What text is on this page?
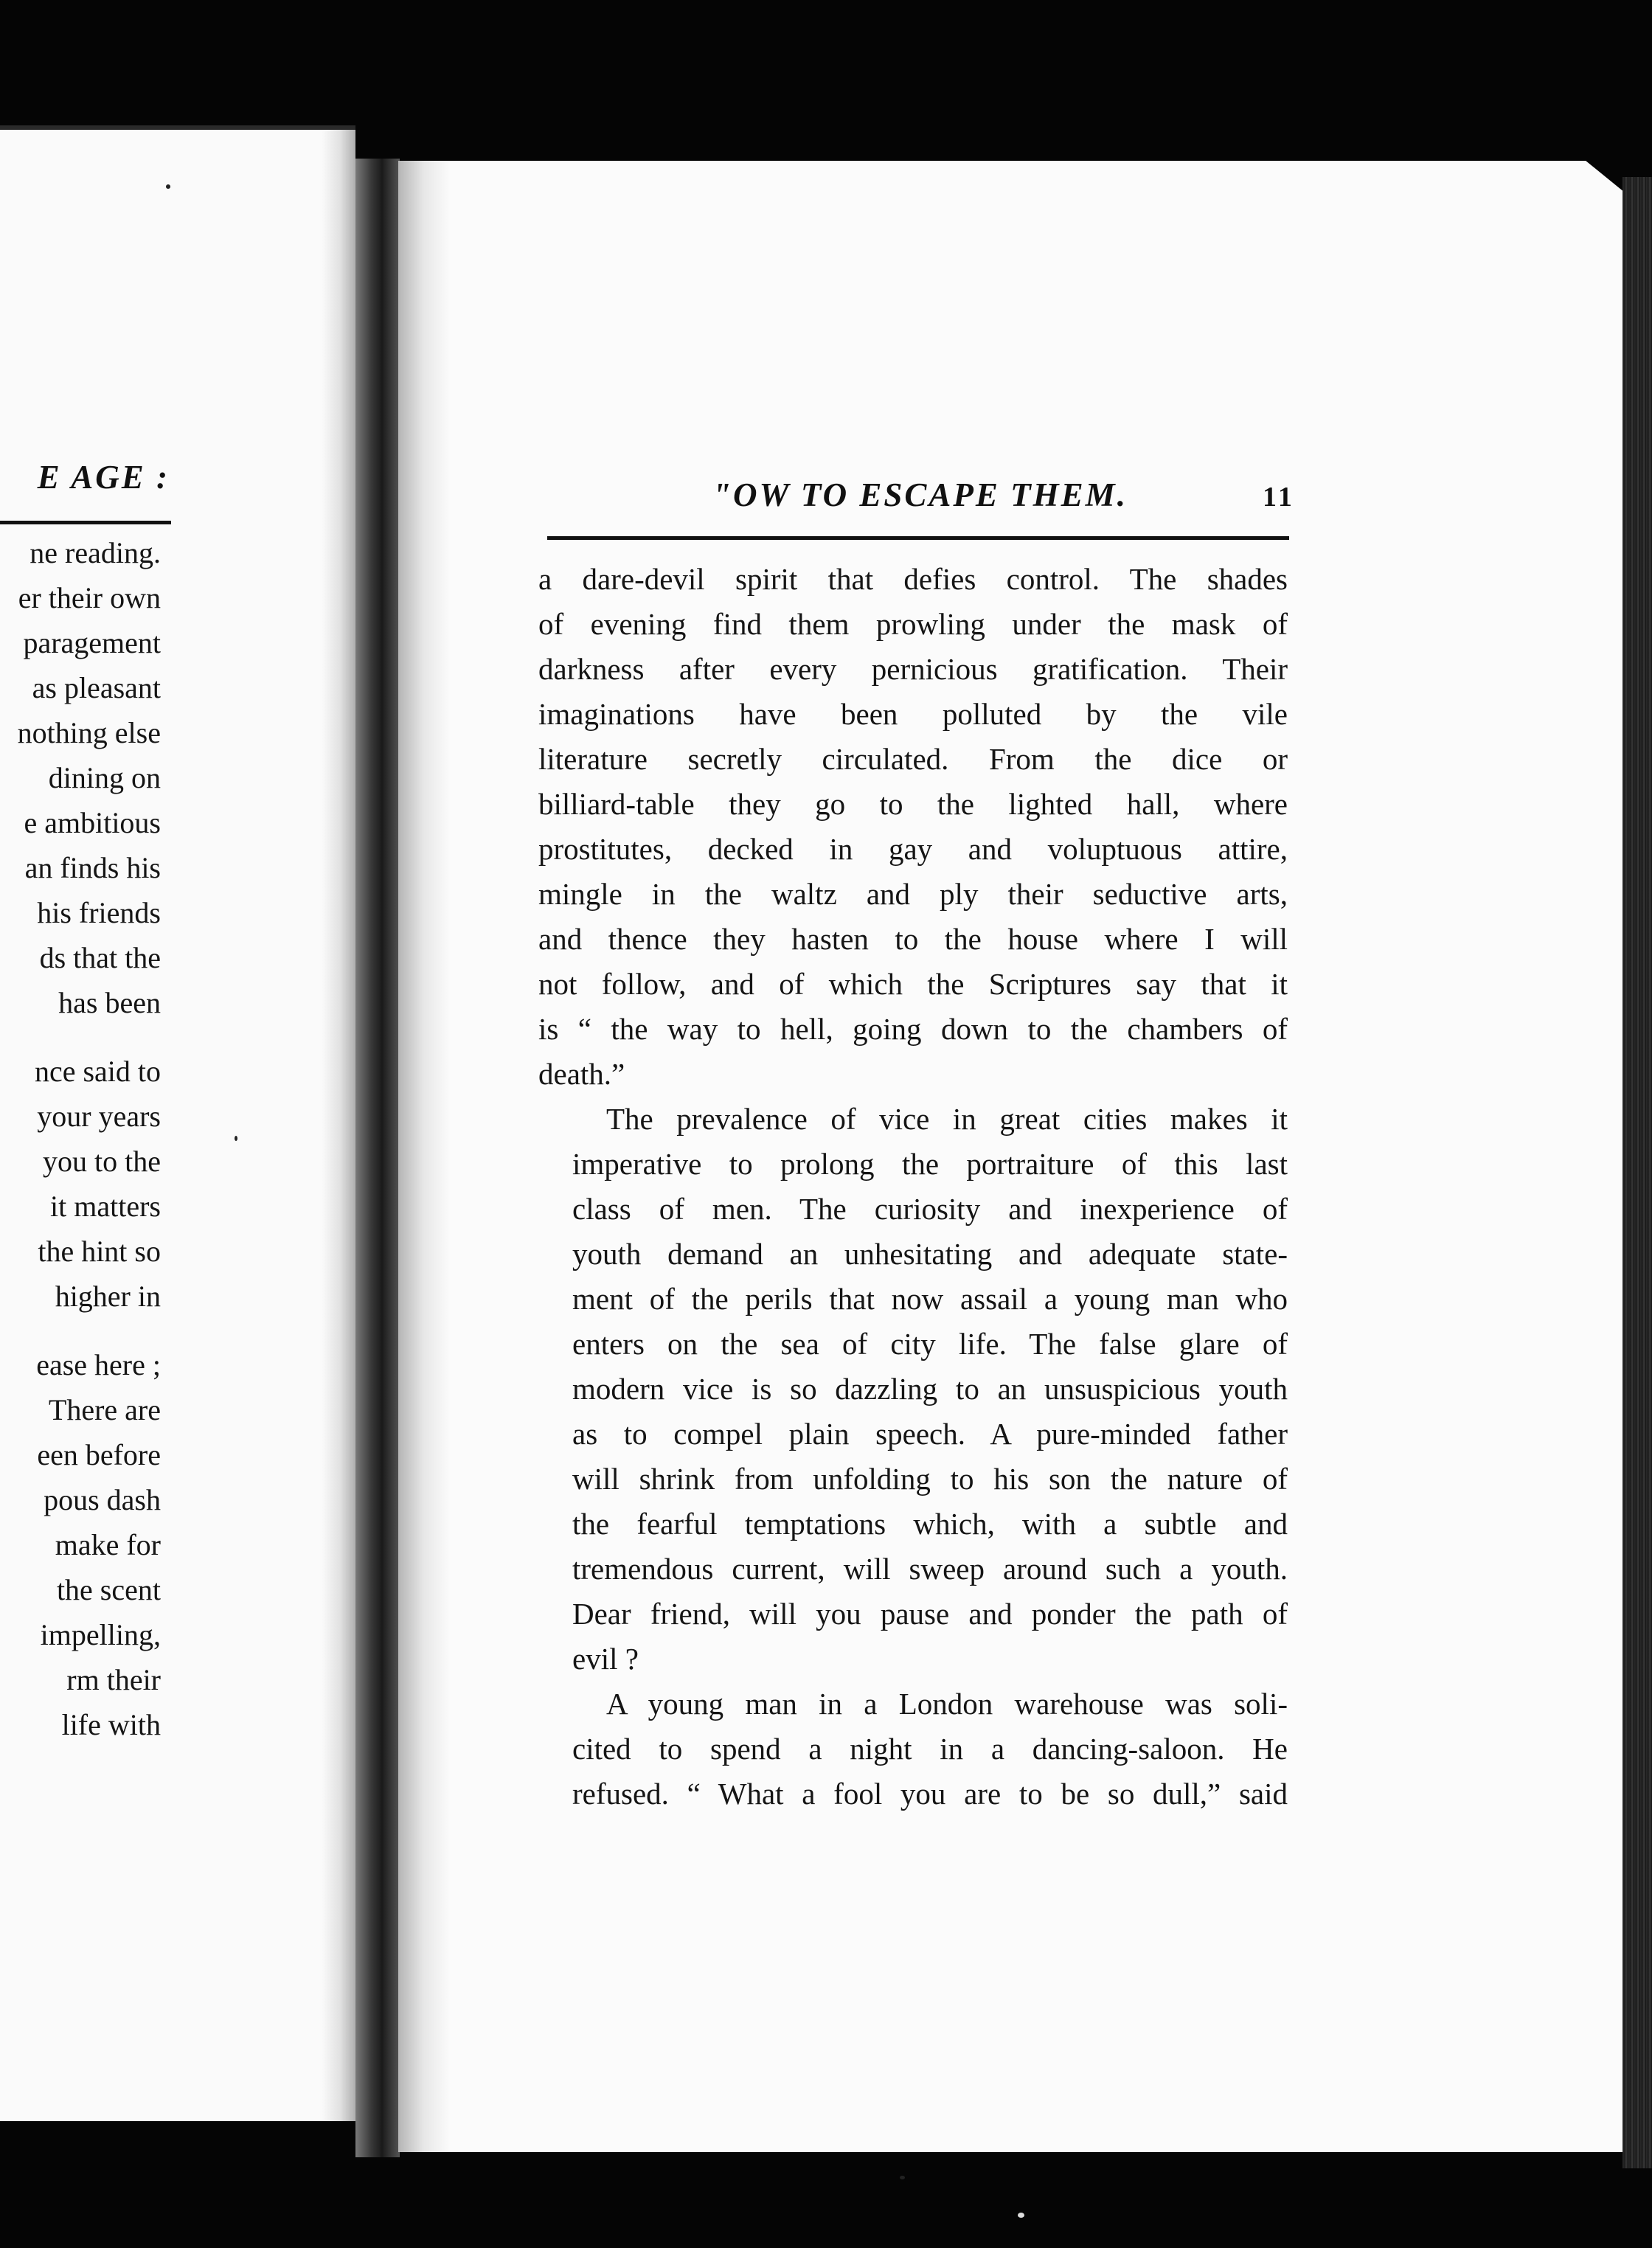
E AGE :
ne reading.
er their own
paragement
as pleasant
nothing else
dining on
e ambitious
an finds his
his friends
ds that the
has been
nce said to
your years
you to the
it matters
the hint so
higher in
ease here ;
There are
een before
pous dash
make for
the scent
impelling,
rm their
life with
"OW TO ESCAPE THEM.	11
a dare-devil spirit that defies control. The shades
of evening find them prowling under the mask of
darkness after every pernicious gratification. Their
imaginations have been polluted by the vile
literature secretly circulated. From the dice or
billiard-table they go to the lighted hall, where
prostitutes, decked in gay and voluptuous attire,
mingle in the waltz and ply their seductive arts,
and thence they hasten to the house where I will
not follow, and of which the Scriptures say that it
is “ the way to hell, going down to the chambers of
death.”
The prevalence of vice in great cities makes it
imperative to prolong the portraiture of this last
class of men. The curiosity and inexperience of
youth demand an unhesitating and adequate state-
ment of the perils that now assail a young man who
enters on the sea of city life. The false glare of
modern vice is so dazzling to an unsuspicious youth
as to compel plain speech. A pure-minded father
will shrink from unfolding to his son the nature of
the fearful temptations which, with a subtle and
tremendous current, will sweep around such a youth.
Dear friend, will you pause and ponder the path of
evil ?
A young man in a London warehouse was soli-
cited to spend a night in a dancing-saloon. He
refused. “ What a fool you are to be so dull,” said
